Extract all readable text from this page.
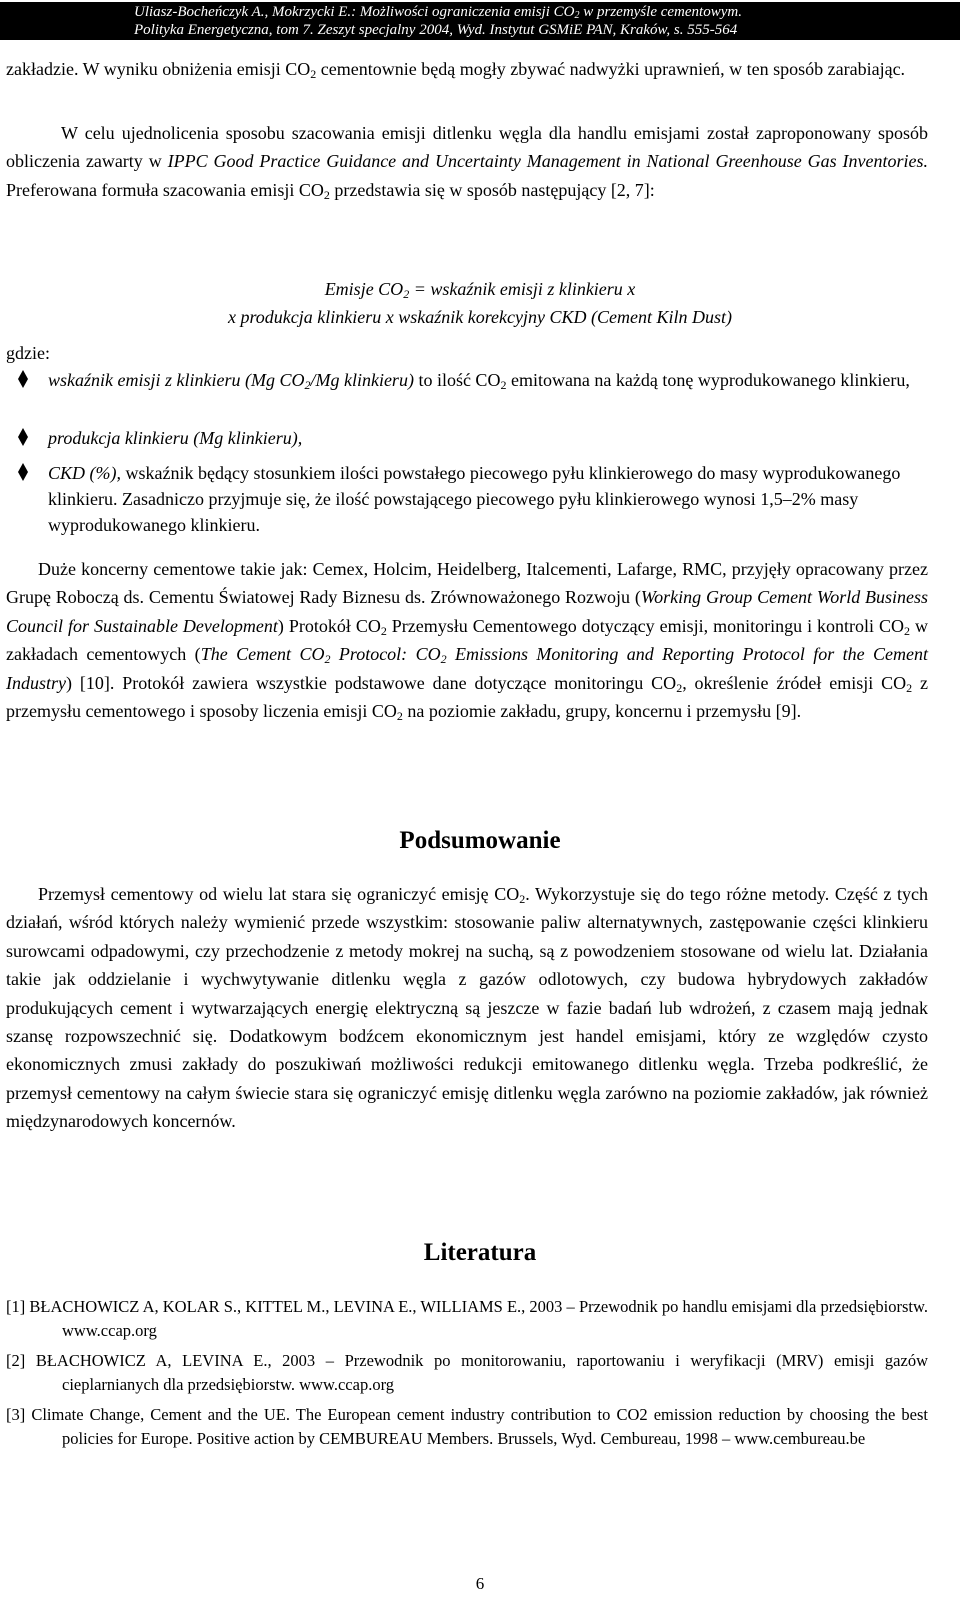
Uliasz-Bocheńczyk A., Mokrzycki E.: Możliwości ograniczenia emisji $CO_2$ w przemyśle cementowym.
Polityka Energetyczna, tom 7. Zeszyt specjalny 2004, Wyd. Instytut GSMiE PAN, Kraków, s. 555-564
zakładzie. W wyniku obniżenia emisji $CO_2$ cementownie będą mogły zbywać nadwyżki uprawnień, w ten sposób zarabiając.
W celu ujednolicenia sposobu szacowania emisji ditlenku węgla dla handlu emisjami został zaproponowany sposób obliczenia zawarty w IPPC Good Practice Guidance and Uncertainty Management in National Greenhouse Gas Inventories. Preferowana formuła szacowania emisji $CO_2$ przedstawia się w sposób następujący [2, 7]:
Emisje $CO_2$ = wskaźnik emisji z klinkieru x
x produkcja klinkieru x wskaźnik korekcyjny CKD (Cement Kiln Dust)
gdzie:
wskaźnik emisji z klinkieru (Mg $CO_2/Mg$ klinkieru) to ilość $CO_2$ emitowana na każdą tonę wyprodukowanego klinkieru,
produkcja klinkieru (Mg klinkieru),
CKD (%), wskaźnik będący stosunkiem ilości powstałego piecowego pyłu klinkierowego do masy wyprodukowanego klinkieru. Zasadniczo przyjmuje się, że ilość powstającego piecowego pyłu klinkierowego wynosi 1,5–2% masy wyprodukowanego klinkieru.
Duże koncerny cementowe takie jak: Cemex, Holcim, Heidelberg, Italcementi, Lafarge, RMC, przyjęły opracowany przez Grupę Roboczą ds. Cementu Światowej Rady Biznesu ds. Zrównoważonego Rozwoju (Working Group Cement World Business Council for Sustainable Development) Protokół $CO_2$ Przemysłu Cementowego dotyczący emisji, monitoringu i kontroli $CO_2$ w zakładach cementowych (The Cement $CO_2$ Protocol: $CO_2$ Emissions Monitoring and Reporting Protocol for the Cement Industry) [10]. Protokół zawiera wszystkie podstawowe dane dotyczące monitoringu $CO_2$, określenie źródeł emisji $CO_2$ z przemysłu cementowego i sposoby liczenia emisji $CO_2$ na poziomie zakładu, grupy, koncernu i przemysłu [9].
Podsumowanie
Przemysł cementowy od wielu lat stara się ograniczyć emisję $CO_2$. Wykorzystuje się do tego różne metody. Część z tych działań, wśród których należy wymienić przede wszystkim: stosowanie paliw alternatywnych, zastępowanie części klinkieru surowcami odpadowymi, czy przechodzenie z metody mokrej na suchą, są z powodzeniem stosowane od wielu lat. Działania takie jak oddzielanie i wychwytywanie ditlenku węgla z gazów odlotowych, czy budowa hybrydowych zakładów produkujących cement i wytwarzających energię elektryczną są jeszcze w fazie badań lub wdrożeń, z czasem mają jednak szansę rozpowszechnić się. Dodatkowym bodźcem ekonomicznym jest handel emisjami, który ze względów czysto ekonomicznych zmusi zakłady do poszukiwań możliwości redukcji emitowanego ditlenku węgla. Trzeba podkreślić, że przemysł cementowy na całym świecie stara się ograniczyć emisję ditlenku węgla zarówno na poziomie zakładów, jak również międzynarodowych koncernów.
Literatura
[1] BŁACHOWICZ A, KOLAR S., KITTEL M., LEVINA E., WILLIAMS E., 2003 – Przewodnik po handlu emisjami dla przedsiębiorstw. www.ccap.org
[2] BŁACHOWICZ A, LEVINA E., 2003 – Przewodnik po monitorowaniu, raportowaniu i weryfikacji (MRV) emisji gazów cieplarnianych dla przedsiębiorstw. www.ccap.org
[3] Climate Change, Cement and the UE. The European cement industry contribution to CO2 emission reduction by choosing the best policies for Europe. Positive action by CEMBUREAU Members. Brussels, Wyd. Cembureau, 1998 – www.cembureau.be
6
